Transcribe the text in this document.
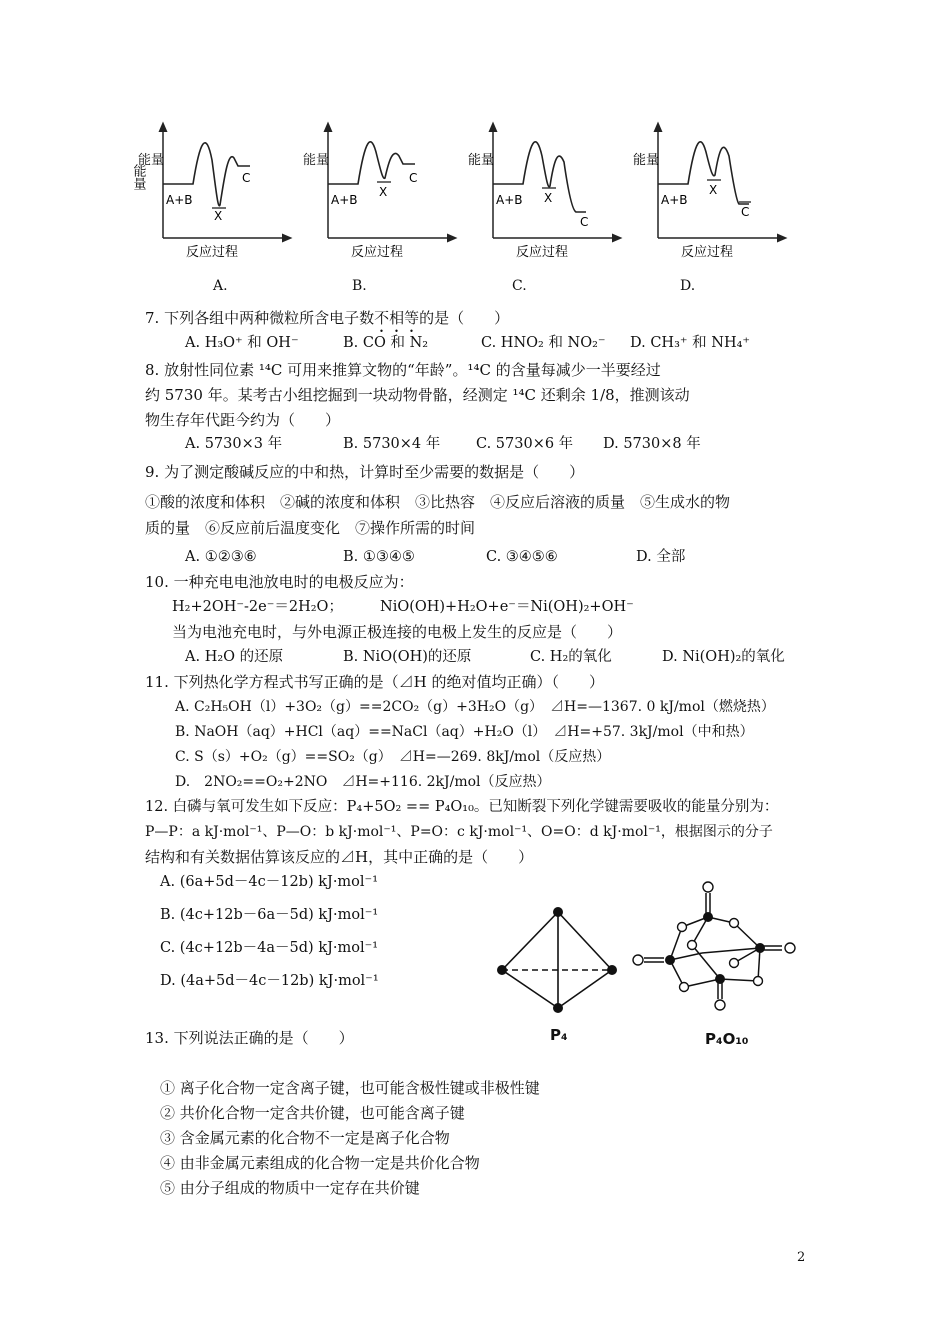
能量
A+B
X
C
反应过程
A+B
X
C
反应过程
能量
A+B X
C
反应过程
能量
A+B
X
C
反应过程
能量	能量
A.	B.	C.	D.
7. 下列各组中两种微粒所含电子数不相等的是（　　）
A. H₃O⁺ 和 OH⁻	B. CO 和 N₂	C. HNO₂ 和 NO₂⁻ D. CH₃⁺ 和 NH₄⁺
8. 放射性同位素 ¹⁴C 可用来推算文物的“年龄”。¹⁴C 的含量每减少一半要经过
约 5730 年。某考古小组挖掘到一块动物骨骼，经测定 ¹⁴C 还剩余 1/8，推测该动
物生存年代距今约为（　　）
A. 5730×3 年	B. 5730×4 年 C. 5730×6 年 D. 5730×8 年
9. 为了测定酸碱反应的中和热，计算时至少需要的数据是（　　）
①酸的浓度和体积　②碱的浓度和体积　③比热容　④反应后溶液的质量　⑤生成水的物
质的量　⑥反应前后温度变化　⑦操作所需的时间
A. ①②③⑥	B. ①③④⑤	C. ③④⑤⑥	D. 全部
10. 一种充电电池放电时的电极反应为：
H₂+2OH⁻-2e⁻＝2H₂O；	NiO(OH)+H₂O+e⁻＝Ni(OH)₂+OH⁻
当为电池充电时，与外电源正极连接的电极上发生的反应是（　　）
A. H₂O 的还原	B. NiO(OH)的还原	C. H₂的氧化	D. Ni(OH)₂的氧化
11. 下列热化学方程式书写正确的是（⊿H 的绝对值均正确）（　　）
A. C₂H₅OH（l）+3O₂（g）==2CO₂（g）+3H₂O（g）　⊿H=—1367. 0 kJ/mol（燃烧热）
B. NaOH（aq）+HCl（aq）==NaCl（aq）+H₂O（l）　⊿H=+57. 3kJ/mol（中和热）
C. S（s）+O₂（g）==SO₂（g）　⊿H=—269. 8kJ/mol（反应热）
D.　2NO₂==O₂+2NO　⊿H=+116. 2kJ/mol（反应热）
12. 白磷与氧可发生如下反应：P₄+5O₂ == P₄O₁₀。已知断裂下列化学键需要吸收的能量分别为：
P—P：a kJ·mol⁻¹、P—O：b kJ·mol⁻¹、P=O：c kJ·mol⁻¹、O=O：d kJ·mol⁻¹，根据图示的分子
结构和有关数据估算该反应的⊿H，其中正确的是（　　）
A. (6a+5d－4c－12b) kJ·mol⁻¹
B. (4c+12b－6a－5d) kJ·mol⁻¹
C. (4c+12b－4a－5d) kJ·mol⁻¹
D. (4a+5d－4c－12b) kJ·mol⁻¹
P₄	P₄O₁₀
13. 下列说法正确的是（　　）
① 离子化合物一定含离子键，也可能含极性键或非极性键
② 共价化合物一定含共价键，也可能含离子键
③ 含金属元素的化合物不一定是离子化合物
④ 由非金属元素组成的化合物一定是共价化合物
⑤ 由分子组成的物质中一定存在共价键
2
